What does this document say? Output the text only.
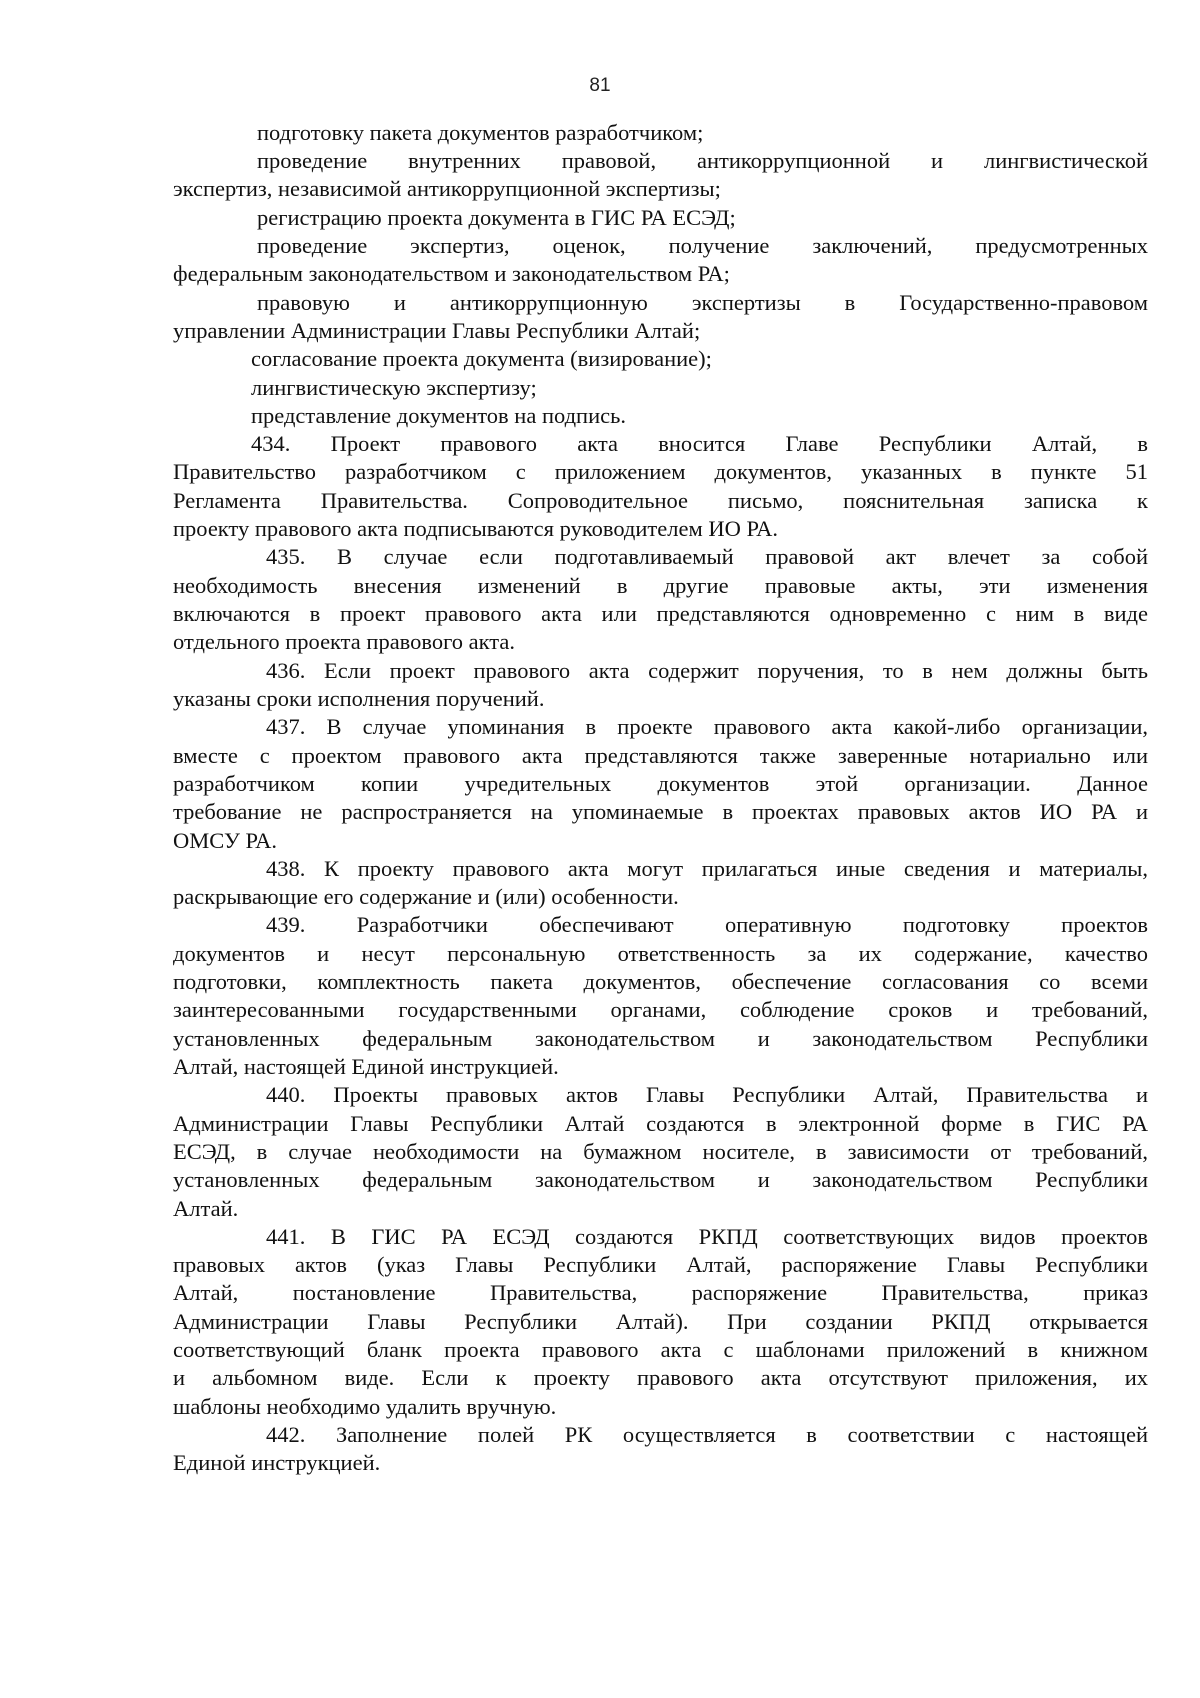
81
подготовку пакета документов разработчиком;
проведение внутренних правовой, антикоррупционной и лингвистической
экспертиз, независимой антикоррупционной экспертизы;
регистрацию проекта документа в ГИС РА ЕСЭД;
проведение экспертиз, оценок, получение заключений, предусмотренных
федеральным законодательством и законодательством РА;
правовую и антикоррупционную экспертизы в Государственно-правовом
управлении Администрации Главы Республики Алтай;
согласование проекта документа (визирование);
лингвистическую экспертизу;
представление документов на подпись.
434. Проект правового акта вносится Главе Республики Алтай, в
Правительство разработчиком с приложением документов, указанных в пункте 51
Регламента Правительства. Сопроводительное письмо, пояснительная записка к
проекту правового акта подписываются руководителем ИО РА.
435. В случае если подготавливаемый правовой акт влечет за собой
необходимость внесения изменений в другие правовые акты, эти изменения
включаются в проект правового акта или представляются одновременно с ним в виде
отдельного проекта правового акта.
436. Если проект правового акта содержит поручения, то в нем должны быть
указаны сроки исполнения поручений.
437. В случае упоминания в проекте правового акта какой-либо организации,
вместе с проектом правового акта представляются также заверенные нотариально или
разработчиком копии учредительных документов этой организации. Данное
требование не распространяется на упоминаемые в проектах правовых актов ИО РА и
ОМСУ РА.
438. К проекту правового акта могут прилагаться иные сведения и материалы,
раскрывающие его содержание и (или) особенности.
439. Разработчики обеспечивают оперативную подготовку проектов
документов и несут персональную ответственность за их содержание, качество
подготовки, комплектность пакета документов, обеспечение согласования со всеми
заинтересованными государственными органами, соблюдение сроков и требований,
установленных федеральным законодательством и законодательством Республики
Алтай, настоящей Единой инструкцией.
440. Проекты правовых актов Главы Республики Алтай, Правительства и
Администрации Главы Республики Алтай создаются в электронной форме в ГИС РА
ЕСЭД, в случае необходимости на бумажном носителе, в зависимости от требований,
установленных федеральным законодательством и законодательством Республики
Алтай.
441. В ГИС РА ЕСЭД создаются РКПД соответствующих видов проектов
правовых актов (указ Главы Республики Алтай, распоряжение Главы Республики
Алтай, постановление Правительства, распоряжение Правительства, приказ
Администрации Главы Республики Алтай). При создании РКПД открывается
соответствующий бланк проекта правового акта с шаблонами приложений в книжном
и альбомном виде. Если к проекту правового акта отсутствуют приложения, их
шаблоны необходимо удалить вручную.
442. Заполнение полей РК осуществляется в соответствии с настоящей
Единой инструкцией.
